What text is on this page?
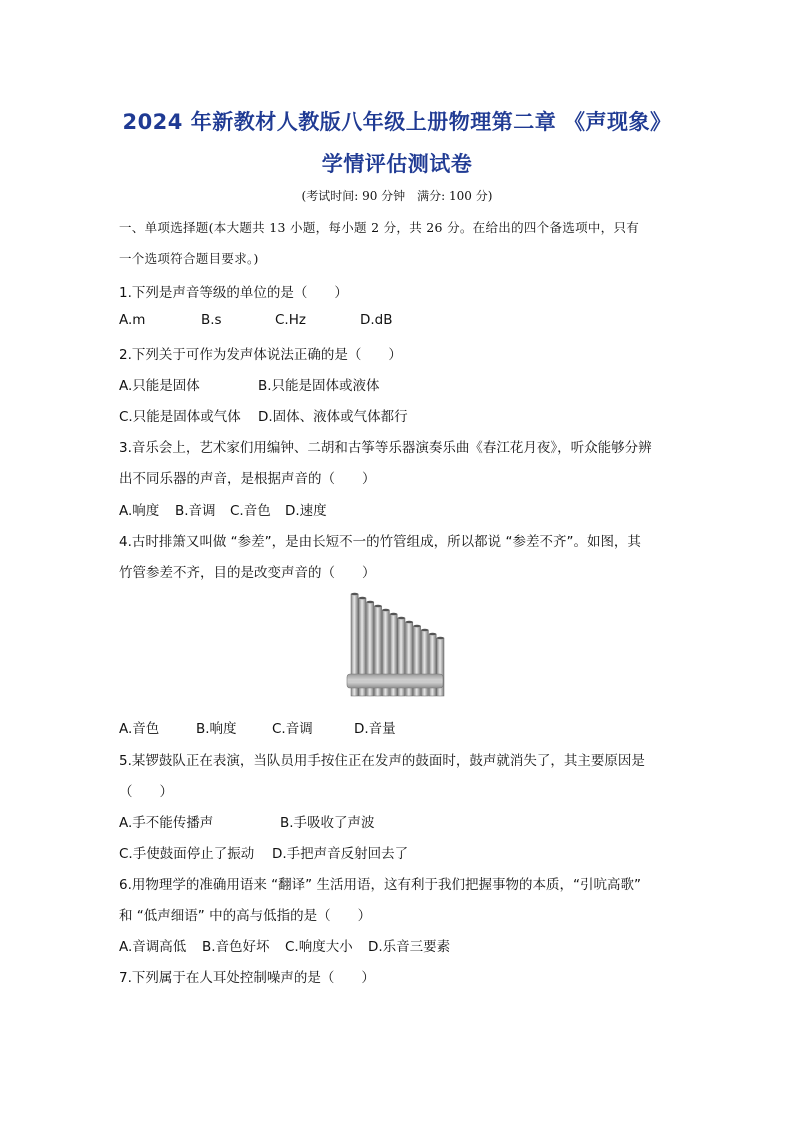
2024 年新教材人教版八年级上册物理第二章 《声现象》
学情评估测试卷
(考试时间: 90 分钟　满分: 100 分)
一、单项选择题(本大题共 13 小题，每小题 2 分，共 26 分。在给出的四个备选项中，只有
一个选项符合题目要求。)
1.下列是声音等级的单位的是（　　）
A.m	B.s	C.Hz	D.dB
2.下列关于可作为发声体说法正确的是（　　）
A.只能是固体	B.只能是固体或液体
C.只能是固体或气体 D.固体、液体或气体都行
3.音乐会上，艺术家们用编钟、二胡和古筝等乐器演奏乐曲《春江花月夜》，听众能够分辨
出不同乐器的声音，是根据声音的（　　）
A.响度 B.音调 C.音色 D.速度
4.古时排箫又叫做 “参差”，是由长短不一的竹管组成，所以都说 “参差不齐”。如图，其
竹管参差不齐，目的是改变声音的（　　）
A.音色	B.响度	C.音调	D.音量
5.某锣鼓队正在表演，当队员用手按住正在发声的鼓面时，鼓声就消失了，其主要原因是
（　　）
A.手不能传播声	B.手吸收了声波
C.手使鼓面停止了振动 D.手把声音反射回去了
6.用物理学的准确用语来 “翻译” 生活用语，这有利于我们把握事物的本质，“引吭高歌”
和 “低声细语” 中的高与低指的是（　　）
A.音调高低 B.音色好坏 C.响度大小 D.乐音三要素
7.下列属于在人耳处控制噪声的是（　　）
